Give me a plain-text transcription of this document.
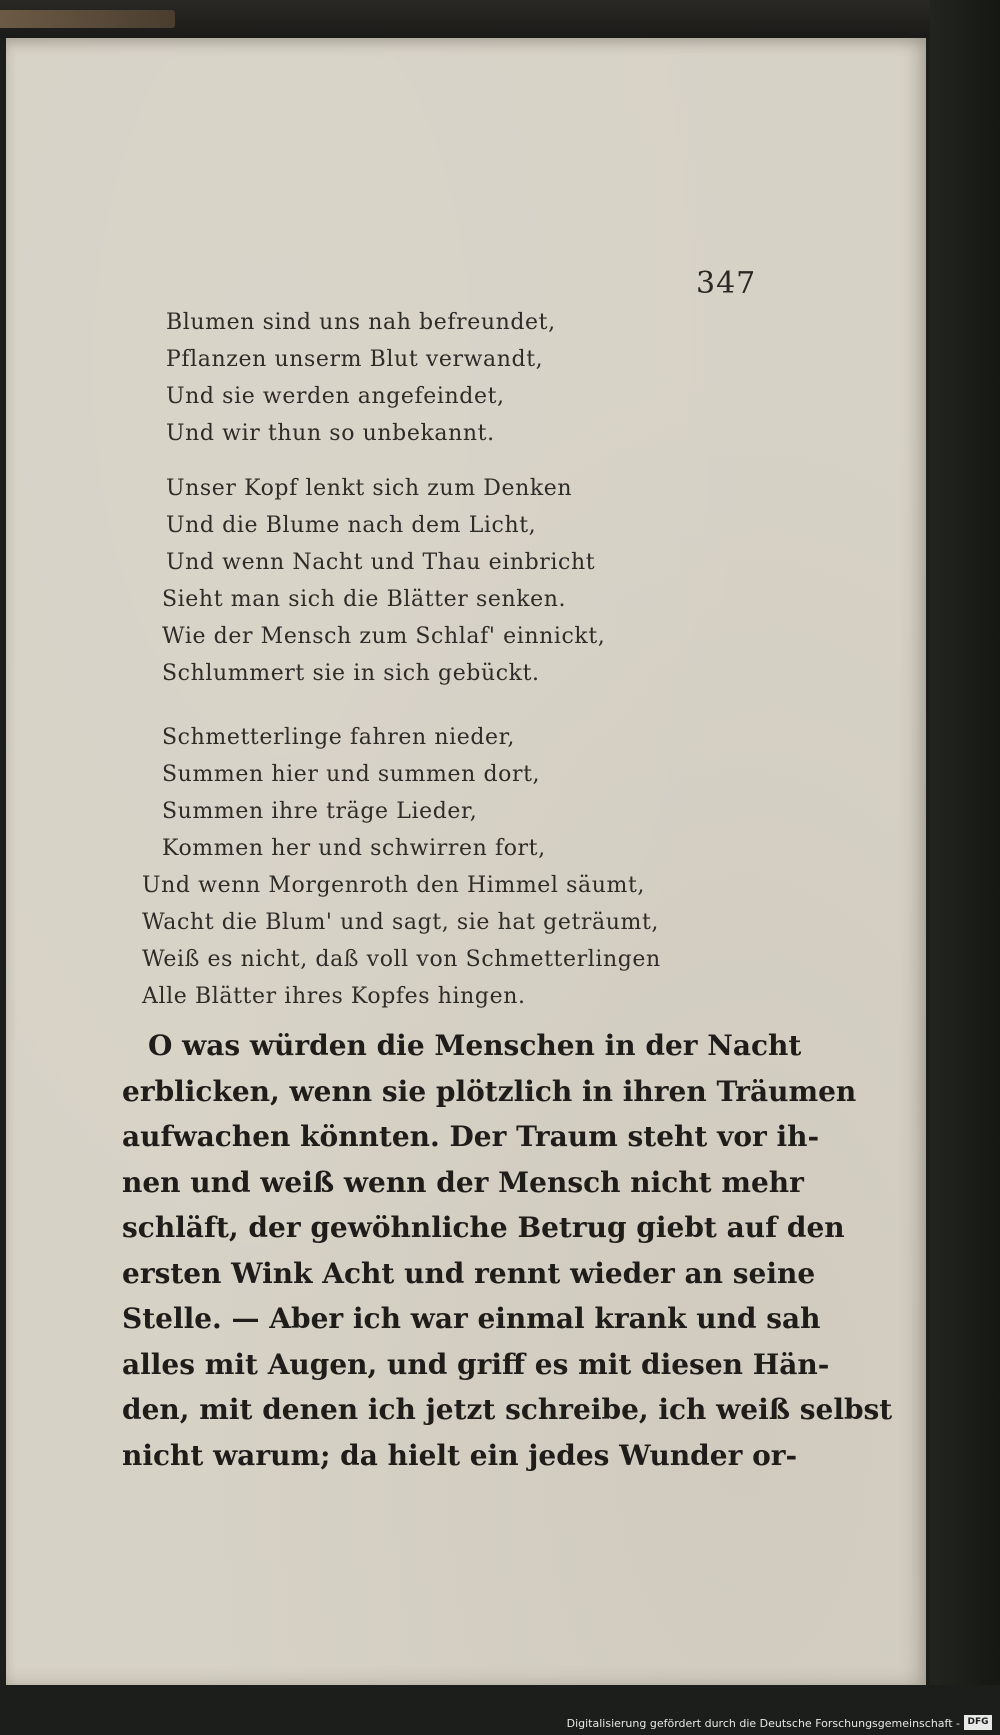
347
Blumen sind uns nah befreundet,
Pflanzen unserm Blut verwandt,
Und sie werden angefeindet,
Und wir thun so unbekannt.
Unser Kopf lenkt sich zum Denken
Und die Blume nach dem Licht,
Und wenn Nacht und Thau einbricht
Sieht man sich die Blätter senken.
Wie der Mensch zum Schlaf' einnickt,
Schlummert sie in sich gebückt.
Schmetterlinge fahren nieder,
Summen hier und summen dort,
Summen ihre träge Lieder,
Kommen her und schwirren fort,
Und wenn Morgenroth den Himmel säumt,
Wacht die Blum' und sagt, sie hat geträumt,
Weiß es nicht, daß voll von Schmetterlingen
Alle Blätter ihres Kopfes hingen.
O was würden die Menschen in der Nacht
erblicken, wenn sie plötzlich in ihren Träumen
aufwachen könnten. Der Traum steht vor ih-
nen und weiß wenn der Mensch nicht mehr
schläft, der gewöhnliche Betrug giebt auf den
ersten Wink Acht und rennt wieder an seine
Stelle. — Aber ich war einmal krank und sah
alles mit Augen, und griff es mit diesen Hän-
den, mit denen ich jetzt schreibe, ich weiß selbst
nicht warum; da hielt ein jedes Wunder or-
Digitalisierung gefördert durch die Deutsche Forschungsgemeinschaft - DFG
